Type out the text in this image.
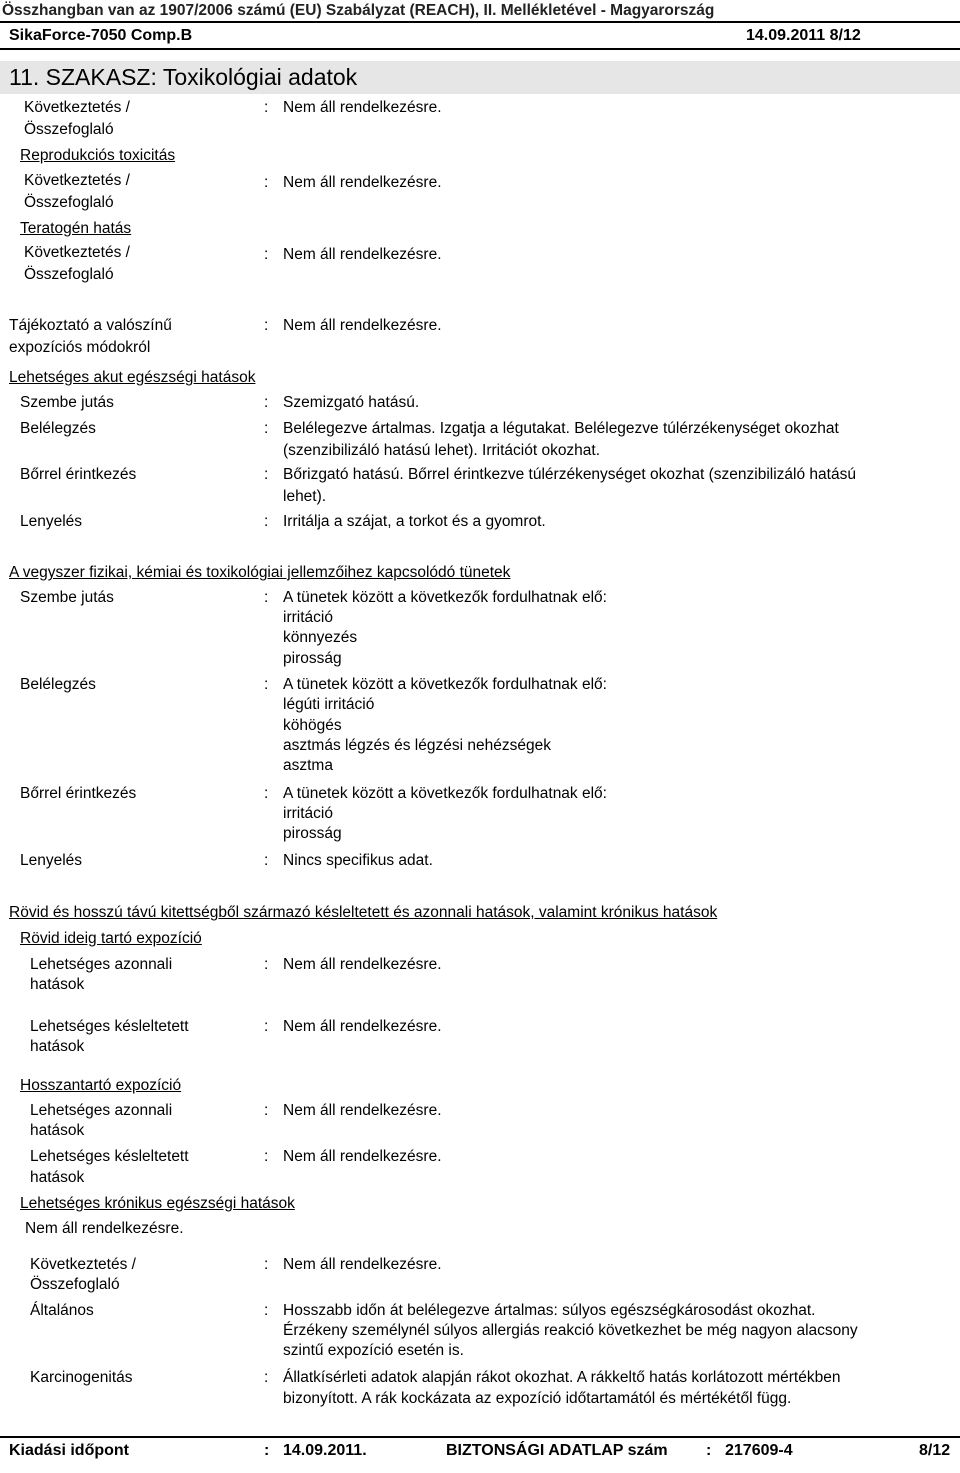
Összhangban van az 1907/2006 számú (EU) Szabályzat (REACH), II. Mellékletével - Magyarország
SikaForce-7050 Comp.B	14.09.2011 8/12
11. SZAKASZ: Toxikológiai adatok
Következtetés /
Összefoglaló
: Nem áll rendelkezésre.
Reprodukciós toxicitás
Következtetés /
Összefoglaló
: Nem áll rendelkezésre.
Teratogén hatás
Következtetés /
Összefoglaló
: Nem áll rendelkezésre.
Tájékoztató a valószínű
expozíciós módokról
: Nem áll rendelkezésre.
Lehetséges akut egészségi hatások
Szembe jutás	: Szemizgató hatású.
Belélegzés	: Belélegezve ártalmas. Izgatja a légutakat. Belélegezve túlérzékenységet okozhat
(szenzibilizáló hatású lehet). Irritációt okozhat.
Bőrrel érintkezés	: Bőrizgató hatású. Bőrrel érintkezve túlérzékenységet okozhat (szenzibilizáló hatású
lehet).
Lenyelés	: Irritálja a szájat, a torkot és a gyomrot.
A vegyszer fizikai, kémiai és toxikológiai jellemzőihez kapcsolódó tünetek
Szembe jutás	: A tünetek között a következők fordulhatnak elő:
irritáció
könnyezés
pirosság
Belélegzés	: A tünetek között a következők fordulhatnak elő:
légúti irritáció
köhögés
asztmás légzés és légzési nehézségek
asztma
Bőrrel érintkezés	: A tünetek között a következők fordulhatnak elő:
irritáció
pirosság
Lenyelés	: Nincs specifikus adat.
Rövid és hosszú távú kitettségből származó késleltetett és azonnali hatások, valamint krónikus hatások
Rövid ideig tartó expozíció
Lehetséges azonnali
hatások
: Nem áll rendelkezésre.
Lehetséges késleltetett
hatások
: Nem áll rendelkezésre.
Hosszantartó expozíció
Lehetséges azonnali
hatások
: Nem áll rendelkezésre.
Lehetséges késleltetett
hatások
: Nem áll rendelkezésre.
Lehetséges krónikus egészségi hatások
Nem áll rendelkezésre.
Következtetés /
Összefoglaló
: Nem áll rendelkezésre.
Általános	: Hosszabb időn át belélegezve ártalmas: súlyos egészségkárosodást okozhat.
Érzékeny személynél súlyos allergiás reakció következhet be még nagyon alacsony
szintű expozíció esetén is.
Karcinogenitás	: Állatkísérleti adatok alapján rákot okozhat. A rákkeltő hatás korlátozott mértékben
bizonyított. A rák kockázata az expozíció időtartamától és mértékétől függ.
Kiadási időpont	: 14.09.2011.	BIZTONSÁGI ADATLAP szám : 217609-4	8/12
